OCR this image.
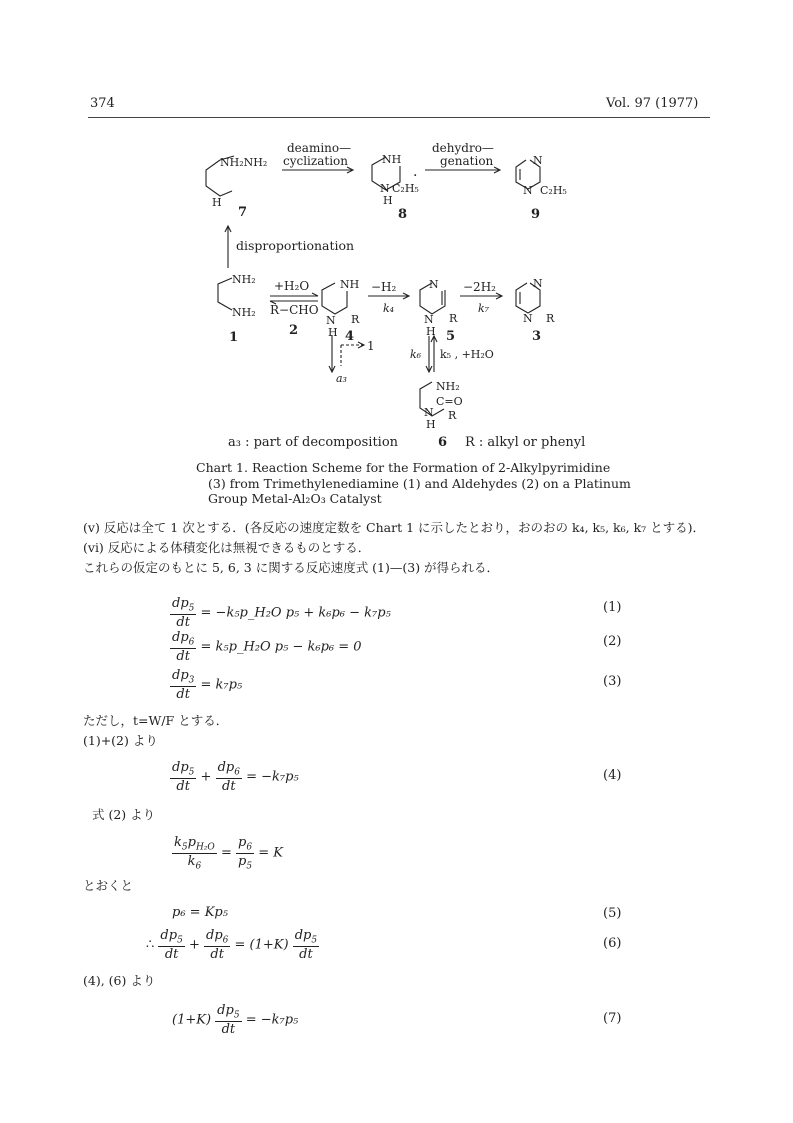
374	Vol. 97 (1977)
NH₂NH₂
H
7
deamino—
cyclization	NH
N
H
C₂H₅
.
8
dehydro—
genation	N
N C₂H₅
9
disproportionation
NH₂
NH₂
1
+H₂O
R−CHO
2
NH
N
H
R
4
−H₂
k₄
N
N
H
R
5
−2H₂
k₇
N
N R
3
a₃
1
k₆ k₅ , +H₂O
NH₂
C=O
N
H
R
a₃ : part of decomposition	6 R : alkyl or phenyl
Chart 1. Reaction Scheme for the Formation of 2-Alkylpyrimidine
(3) from Trimethylenediamine (1) and Aldehydes (2) on a Platinum
Group Metal-Al₂O₃ Catalyst
(v) 反応は全て 1 次とする．(各反応の速度定数を Chart 1 に示したとおり，おのおの k₄, k₅, k₆, k₇ とする)．
(vi) 反応による体積変化は無視できるものとする．
これらの仮定のもとに 5, 6, 3 に関する反応速度式 (1)—(3) が得られる．
$\frac{dp_5}{dt}$ = −k₅p_H₂O p₅ + k₆p₆ − k₇p₅	(1)
$\frac{dp_6}{dt}$ = k₅p_H₂O p₅ − k₆p₆ = 0	(2)
$\frac{dp_3}{dt} = k_7p_5$	(3)
ただし，t=W/F とする．
(1)+(2) より
$\frac{dp_5}{dt} + \frac{dp_6}{dt} = -k_7p_5$	(4)
式 (2) より
$\frac{k_5p_{H_2O}}{k_6} = \frac{p_6}{p_5} = K$
とおくと
p₆ = Kp₅	(5)
∴ $\frac{dp_5}{dt} + \frac{dp_6}{dt} = (1+K) \frac{dp_5}{dt}$	(6)
(4), (6) より
$(1+K) \frac{dp_5}{dt} = -k_7p_5$	(7)
